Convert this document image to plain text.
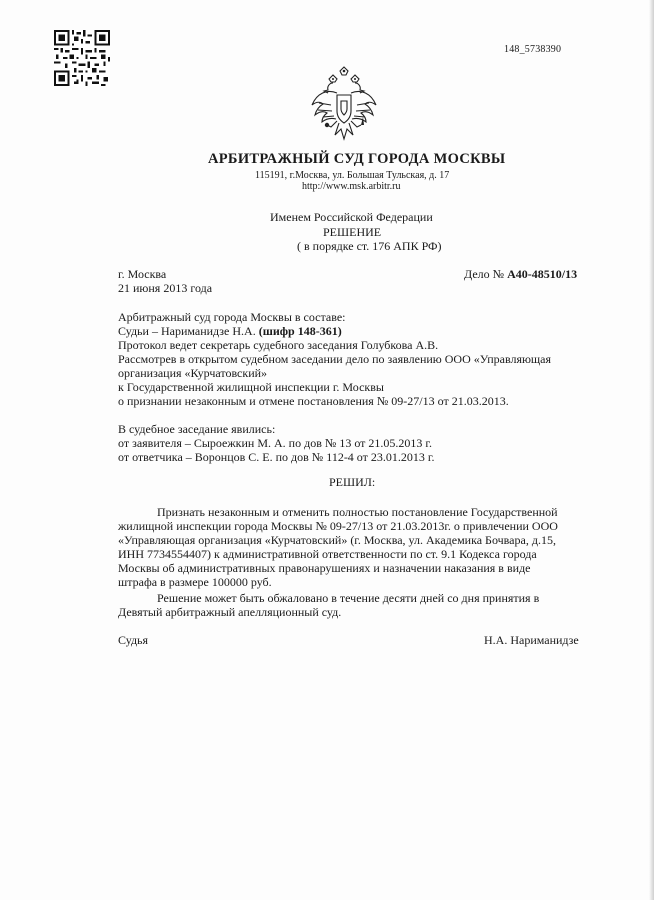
148_5738390
АРБИТРАЖНЫЙ СУД ГОРОДА МОСКВЫ
115191, г.Москва, ул. Большая Тульская, д. 17
http://www.msk.arbitr.ru
Именем Российской Федерации
РЕШЕНИЕ
( в порядке ст. 176 АПК РФ)
г. Москва
21 июня 2013 года
Дело № А40-48510/13
Арбитражный суд города Москвы в составе:
Судьи – Нариманидзе Н.А. (шифр 148-361)
Протокол ведет секретарь судебного заседания Голубкова А.В.
Рассмотрев в открытом судебном заседании дело по заявлению ООО «Управляющая
организация «Курчатовский»
к Государственной жилищной инспекции г. Москвы
о признании незаконным и отмене постановления № 09-27/13 от 21.03.2013.
В судебное заседание явились:
от заявителя – Сыроежкин М. А. по дов № 13 от 21.05.2013 г.
от ответчика – Воронцов С. Е. по дов № 112-4 от 23.01.2013 г.
РЕШИЛ:
Признать незаконным и отменить полностью постановление Государственной
жилищной инспекции города Москвы № 09-27/13 от 21.03.2013г. о привлечении ООО
«Управляющая организация «Курчатовский» (г. Москва, ул. Академика Бочвара, д.15,
ИНН 7734554407) к административной ответственности по ст. 9.1 Кодекса города
Москвы об административных правонарушениях и назначении наказания в виде
штрафа в размере 100000 руб.
Решение может быть обжаловано в течение десяти дней со дня принятия в
Девятый арбитражный апелляционный суд.
Судья	Н.А. Нариманидзе
